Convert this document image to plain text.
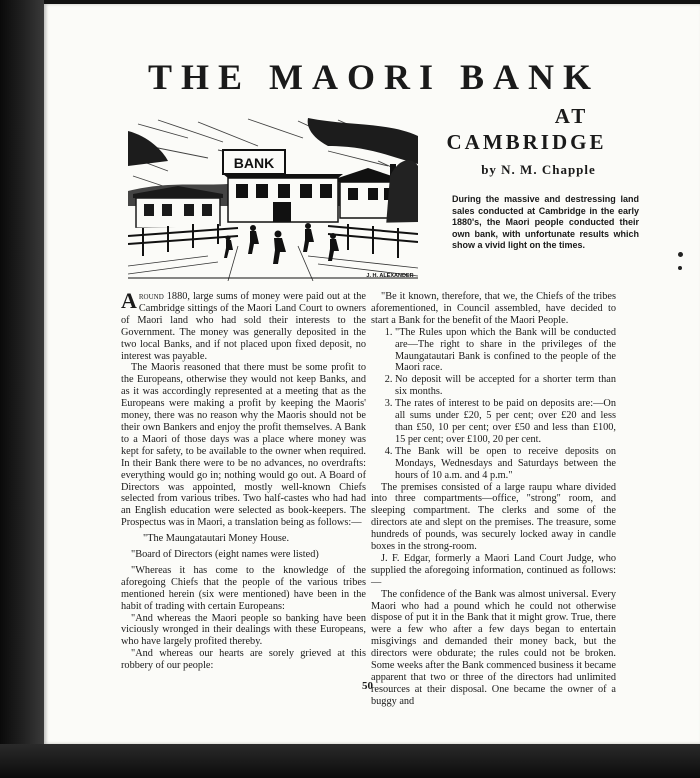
THE MAORI BANK
AT
CAMBRIDGE
by N. M. Chapple
During the massive and destressing land sales conducted at Cambridge in the early 1880's, the Maori people conducted their own bank, with unfortunate results which show a vivid light on the times.
BANK
J. H. ALEXANDER

Around 1880, large sums of money were paid out at the Cambridge sittings of the Maori Land Court to owners of Maori land who had sold their interests to the Government. The money was generally deposited in the two local Banks, and if not placed upon fixed deposit, no interest was payable.

The Maoris reasoned that there must be some profit to the Europeans, otherwise they would not keep Banks, and as it was accordingly represented at a meeting that as the Europeans were making a profit by keeping the Maoris' money, there was no reason why the Maoris should not be their own Bankers and enjoy the profit themselves. A Bank to a Maori of those days was a place where money was kept for safety, to be available to the owner when required. In their Bank there were to be no advances, no overdrafts: everything would go in; nothing would go out. A Board of Directors was appointed, mostly well-known Chiefs selected from various tribes. Two half-castes who had had an English education were selected as book-keepers. The Prospectus was in Maori, a translation being as follows:—

"The Maungatautari Money House.

"Board of Directors (eight names were listed)

"Whereas it has come to the knowledge of the aforegoing Chiefs that the people of the various tribes mentioned herein (six were mentioned) have been in the habit of trading with certain Europeans:

"And whereas the Maori people so banking have been viciously wronged in their dealings with these Europeans, who have largely profited thereby.

"And whereas our hearts are sorely grieved at this robbery of our people:

"Be it known, therefore, that we, the Chiefs of the tribes aforementioned, in Council assembled, have decided to start a Bank for the benefit of the Maori People.

1. "The Rules upon which the Bank will be conducted are—The right to share in the privileges of the Maungatautari Bank is confined to the people of the Maori race.
2. No deposit will be accepted for a shorter term than six months.
3. The rates of interest to be paid on deposits are:—On all sums under £20, 5 per cent; over £20 and less than £50, 10 per cent; over £50 and less than £100, 15 per cent; over £100, 20 per cent.
4. The Bank will be open to receive deposits on Mondays, Wednesdays and Saturdays between the hours of 10 a.m. and 4 p.m."

The premises consisted of a large raupu whare divided into three compartments—office, "strong" room, and sleeping compartment. The clerks and some of the directors ate and slept on the premises. The treasure, some hundreds of pounds, was securely locked away in candle boxes in the strong-room.

J. F. Edgar, formerly a Maori Land Court Judge, who supplied the aforegoing information, continued as follows:—

The confidence of the Bank was almost universal. Every Maori who had a pound which he could not otherwise dispose of put it in the Bank that it might grow. True, there were a few who after a few days began to entertain misgivings and demanded their money back, but the directors were obdurate; the rules could not be broken. Some weeks after the Bank commenced business it became apparent that two or three of the directors had unlimited resources at their disposal. One became the owner of a buggy and

50
